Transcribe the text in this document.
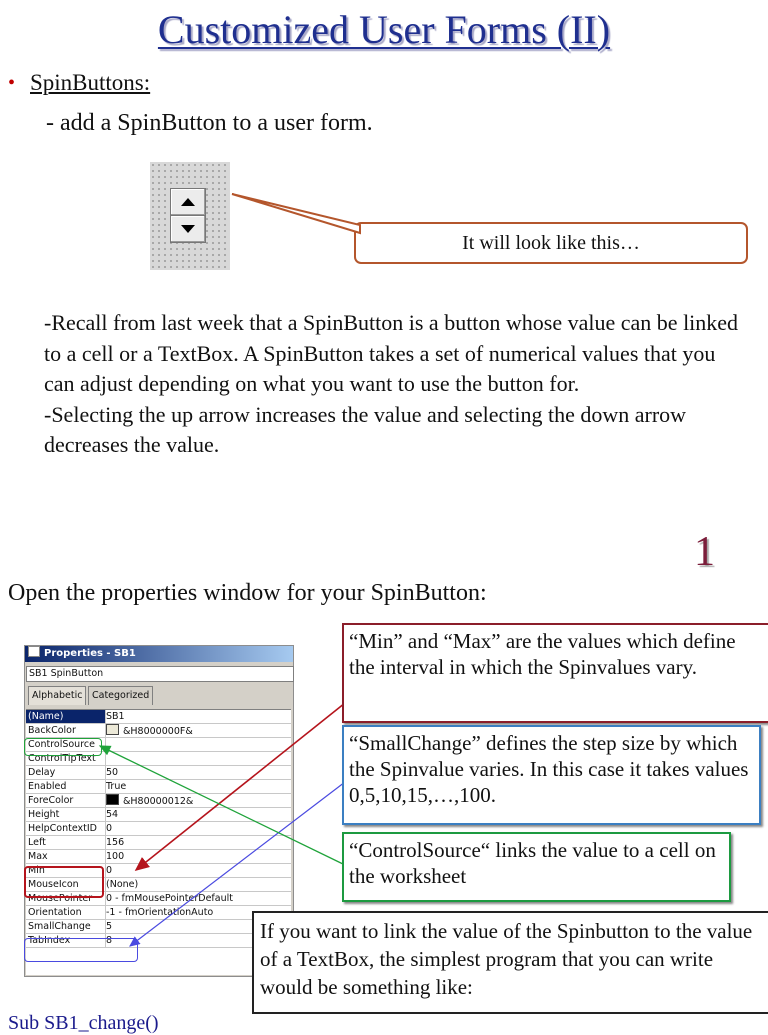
Customized User Forms (II)
• SpinButtons:
- add a SpinButton to a user form.
It will look like this…

-Recall from last week that a SpinButton is a button whose value can be linked to a cell or a TextBox. A SpinButton takes a set of numerical values that you can adjust depending on what you want to use the button for.

-Selecting the up arrow increases the value and selecting the down arrow decreases the value.

1
Open the properties window for your SpinButton:
Properties - SB1
SB1 SpinButton
Alphabetic	Categorized
(Name)	SB1
BackColor	&H8000000F&
ControlSource
ControlTipText
Delay	50
Enabled	True
ForeColor	&H80000012&
Height	54
HelpContextID 0
Left	156
Max	100
Min	0
MouseIcon	(None)
MousePointer	0 - fmMousePointerDefault
Orientation	-1 - fmOrientationAuto
SmallChange	5
TabIndex	8
“Min” and “Max” are the values which define the interval in which the Spinvalues vary.
“SmallChange” defines the step size by which the Spinvalue varies. In this case it takes values 0,5,10,15,…,100.
“ControlSource“ links the value to a cell on the worksheet
If you want to link the value of the Spinbutton to the value of a TextBox, the simplest program that you can write would be something like:
Sub SB1_change()
